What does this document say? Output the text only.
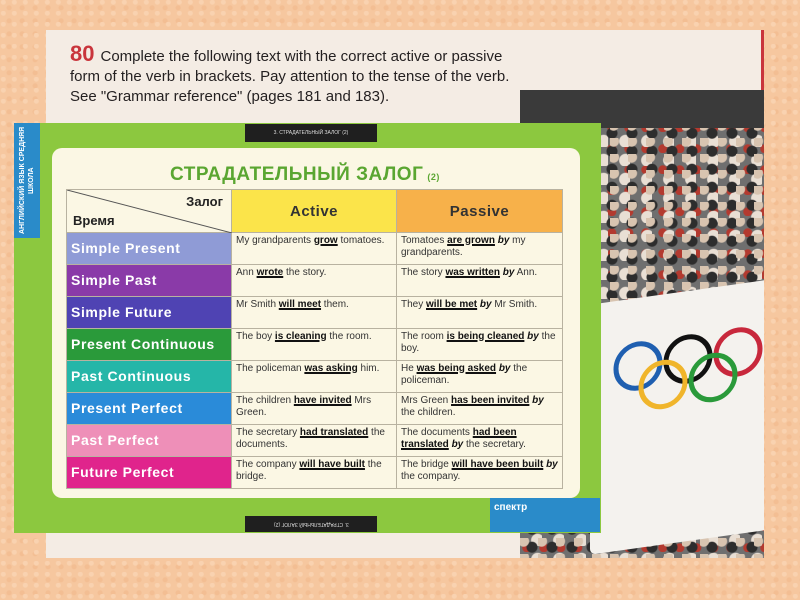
80 Complete the following text with the correct active or passive form of the verb in brackets. Pay attention to the tense of the verb. See "Grammar reference" (pages 181 and 183).
АНГЛИЙСКИЙ ЯЗЫК СРЕДНЯЯ ШКОЛА
3. СТРАДАТЕЛЬНЫЙ ЗАЛОГ (2)
СТРАДАТЕЛЬНЫЙ ЗАЛОГ (2)
Залог
Время	Active	Passive
Simple Present	My grandparents grow tomatoes.	Tomatoes are grown by my grandparents.
Simple Past	Ann wrote the story.	The story was written by Ann.
Simple Future	Mr Smith will meet them.	They will be met by Mr Smith.
Present Continuous	The boy is cleaning the room.	The room is being cleaned by the boy.
Past Continuous	The policeman was asking him.	He was being asked by the policeman.
Present Perfect	The children have invited Mrs Green.	Mrs Green has been invited by the children.
Past Perfect	The secretary had translated the documents.	The documents had been translated by the secretary.
Future Perfect	The company will have built the bridge.	The bridge will have been built by the company.
3. СТРАДАТЕЛЬНЫЙ ЗАЛОГ (2)
спектр
